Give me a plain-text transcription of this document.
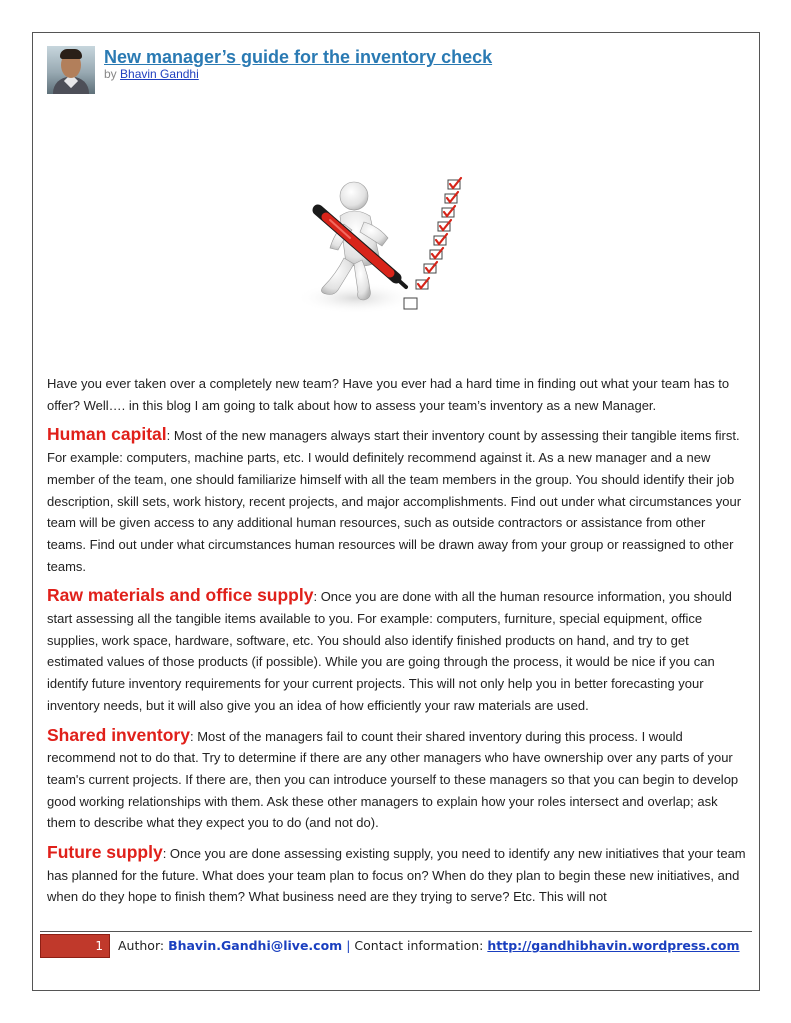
New manager’s guide for the inventory check
by Bhavin Gandhi

Have you ever taken over a completely new team? Have you ever had a hard time in finding out what your team has to offer? Well…. in this blog I am going to talk about how to assess your team’s inventory as a new Manager.

Human capital: Most of the new managers always start their inventory count by assessing their tangible items first. For example: computers, machine parts, etc. I would definitely recommend against it. As a new manager and a new member of the team, one should familiarize himself with all the team members in the group. You should identify their job description, skill sets, work history, recent projects, and major accomplishments. Find out under what circumstances your team will be given access to any additional human resources, such as outside contractors or assistance from other teams. Find out under what circumstances human resources will be drawn away from your group or reassigned to other teams.

Raw materials and office supply: Once you are done with all the human resource information, you should start assessing all the tangible items available to you. For example: computers, furniture, special equipment, office supplies, work space, hardware, software, etc. You should also identify finished products on hand, and try to get estimated values of those products (if possible). While you are going through the process, it would be nice if you can identify future inventory requirements for your current projects. This will not only help you in better forecasting your inventory needs, but it will also give you an idea of how efficiently your raw materials are used.

Shared inventory: Most of the managers fail to count their shared inventory during this process. I would recommend not to do that. Try to determine if there are any other managers who have ownership over any parts of your team's current projects. If there are, then you can introduce yourself to these managers so that you can begin to develop good working relationships with them. Ask these other managers to explain how your roles intersect and overlap; ask them to describe what they expect you to do (and not do).

Future supply: Once you are done assessing existing supply, you need to identify any new initiatives that your team has planned for the future. What does your team plan to focus on? When do they plan to begin these new initiatives, and when do they hope to finish them? What business need are they trying to serve? Etc. This will not

1	Author: Bhavin.Gandhi@live.com | Contact information: http://gandhibhavin.wordpress.com
